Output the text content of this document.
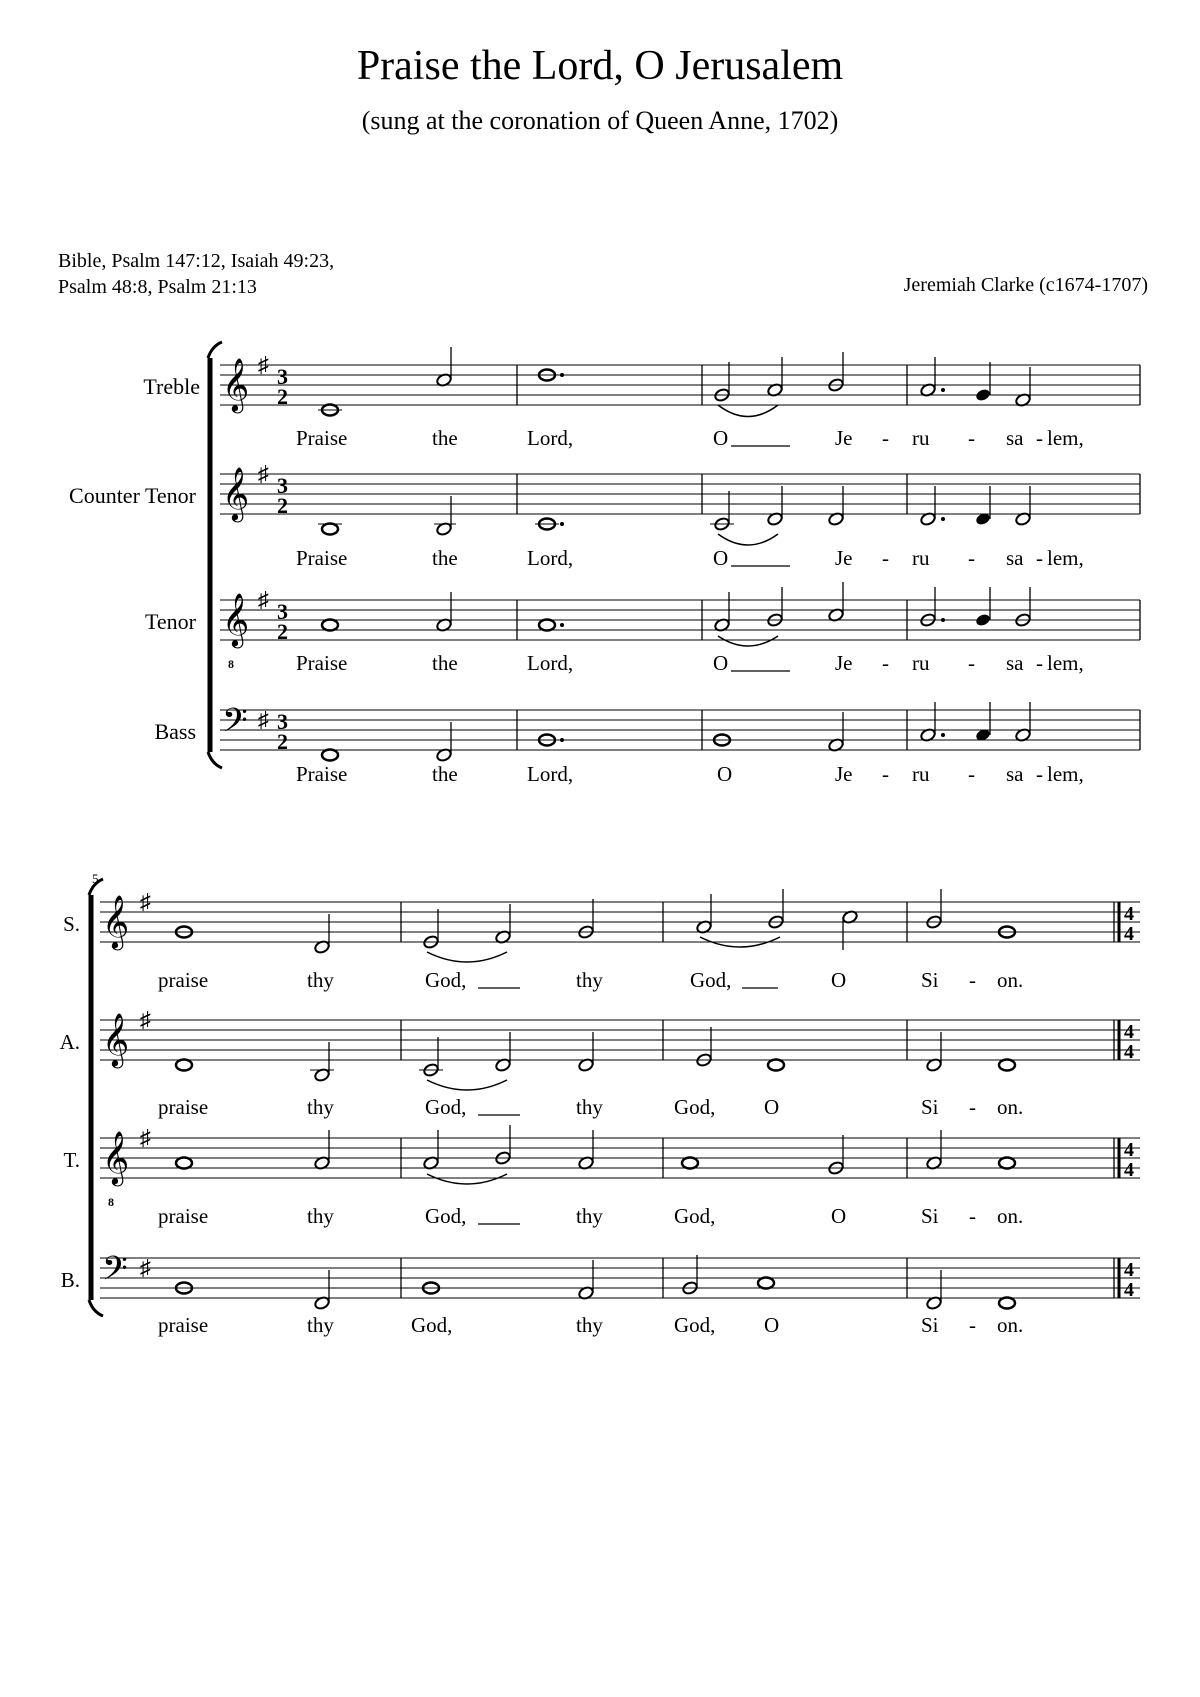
Praise the Lord, O Jerusalem
(sung at the coronation of Queen Anne, 1702)
Bible, Psalm 147:12, Isaiah 49:23,
Psalm 48:8, Psalm 21:13	Jeremiah Clarke (c1674-1707)
Treble 𝄞 ♯ 3
2
Praise	the	Lord,	O	Je - ru - sa - lem,
Counter Tenor 𝄞 ♯ 3
2
Praise	the	Lord,	O	Je - ru - sa - lem,
Tenor 𝄞
8
♯ 3
2
Praise	the	Lord,	O	Je - ru - sa - lem,
Bass 𝄢 ♯ 3
2
Praise	the	Lord,	O	Je - ru - sa - lem,
5
S. 𝄞 ♯	4
4
praise	thy	God,	thy	God,	O	Si - on.
A. 𝄞 ♯	4
4
praise	thy	God,	thy	God, O	Si - on.
T. 𝄞
8
♯	4
4
praise	thy	God,	thy	God,	O	Si - on.
B. 𝄢 ♯	4
4
praise	thy	God,	thy	God, O	Si - on.
